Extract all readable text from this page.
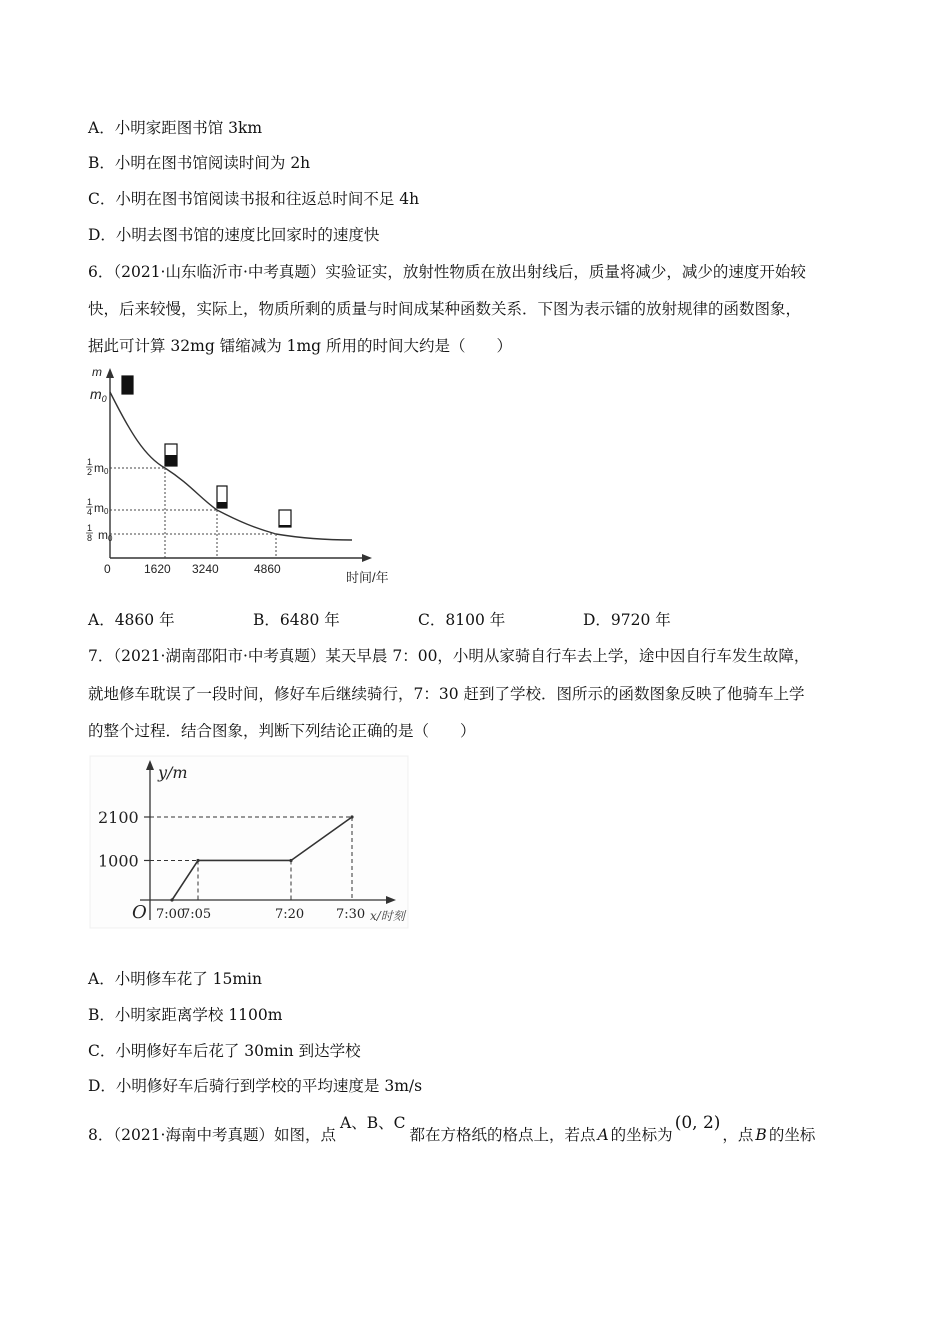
A．小明家距图书馆 3km
B．小明在图书馆阅读时间为 2h
C．小明在图书馆阅读书报和往返总时间不足 4h
D．小明去图书馆的速度比回家时的速度快
6．（2021·山东临沂市·中考真题）实验证实，放射性物质在放出射线后，质量将减少，减少的速度开始较
快，后来较慢，实际上，物质所剩的质量与时间成某种函数关系．下图为表示镭的放射规律的函数图象，
据此可计算 32mg 镭缩减为 1mg 所用的时间大约是（　　）
m
$m_0$
1
2 m0
1
4 m0
1
8 m0
0	1620 3240	4860
时间/年
A．4860 年	B．6480 年	C．8100 年	D．9720 年
7．（2021·湖南邵阳市·中考真题）某天早晨 7：00，小明从家骑自行车去上学，途中因自行车发生故障，
就地修车耽误了一段时间，修好车后继续骑行，7：30 赶到了学校．图所示的函数图象反映了他骑车上学
的整个过程．结合图象，判断下列结论正确的是（　　）
y/m
O	x/时刻
2100
1000
7:00
7:05	7:20 7:30
A．小明修车花了 15min
B．小明家距离学校 1100m
C．小明修好车后花了 30min 到达学校
D．小明修好车后骑行到学校的平均速度是 3m/s
8．（2021·海南中考真题）如图，点A、B、C都在方格纸的格点上，若点 A 的坐标为(0, 2)，点 B 的坐标
